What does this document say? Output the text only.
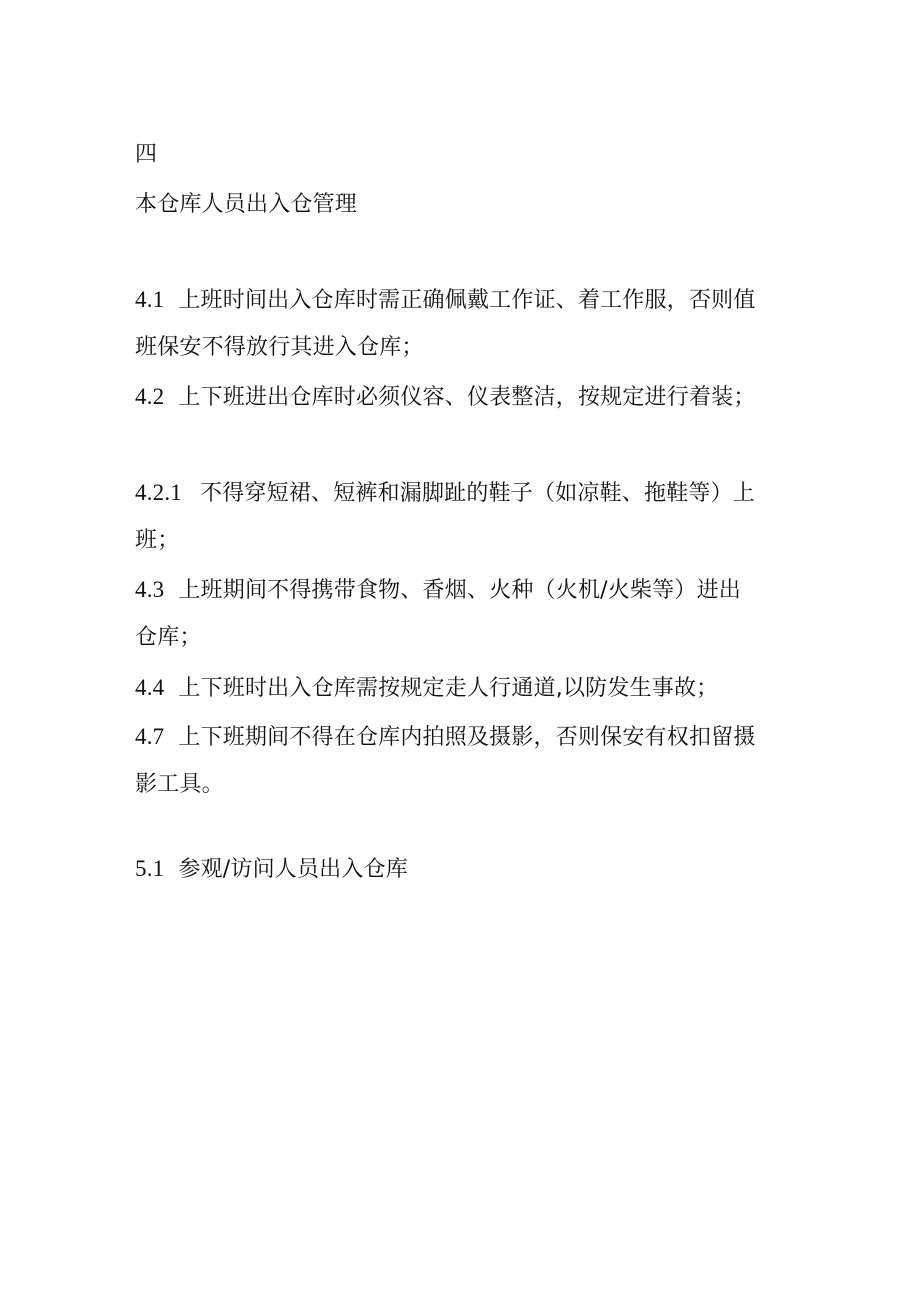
四
本仓库人员出入仓管理
4.1 上班时间出入仓库时需正确佩戴工作证、着工作服，否则值
班保安不得放行其进入仓库；
4.2 上下班进出仓库时必须仪容、仪表整洁，按规定进行着装；
4.2.1 不得穿短裙、短裤和漏脚趾的鞋子（如凉鞋、拖鞋等）上
班；
4.3 上班期间不得携带食物、香烟、火种（火机/火柴等）进出
仓库；
4.4 上下班时出入仓库需按规定走人行通道,以防发生事故；
4.7 上下班期间不得在仓库内拍照及摄影，否则保安有权扣留摄
影工具。
5.1 参观/访问人员出入仓库
